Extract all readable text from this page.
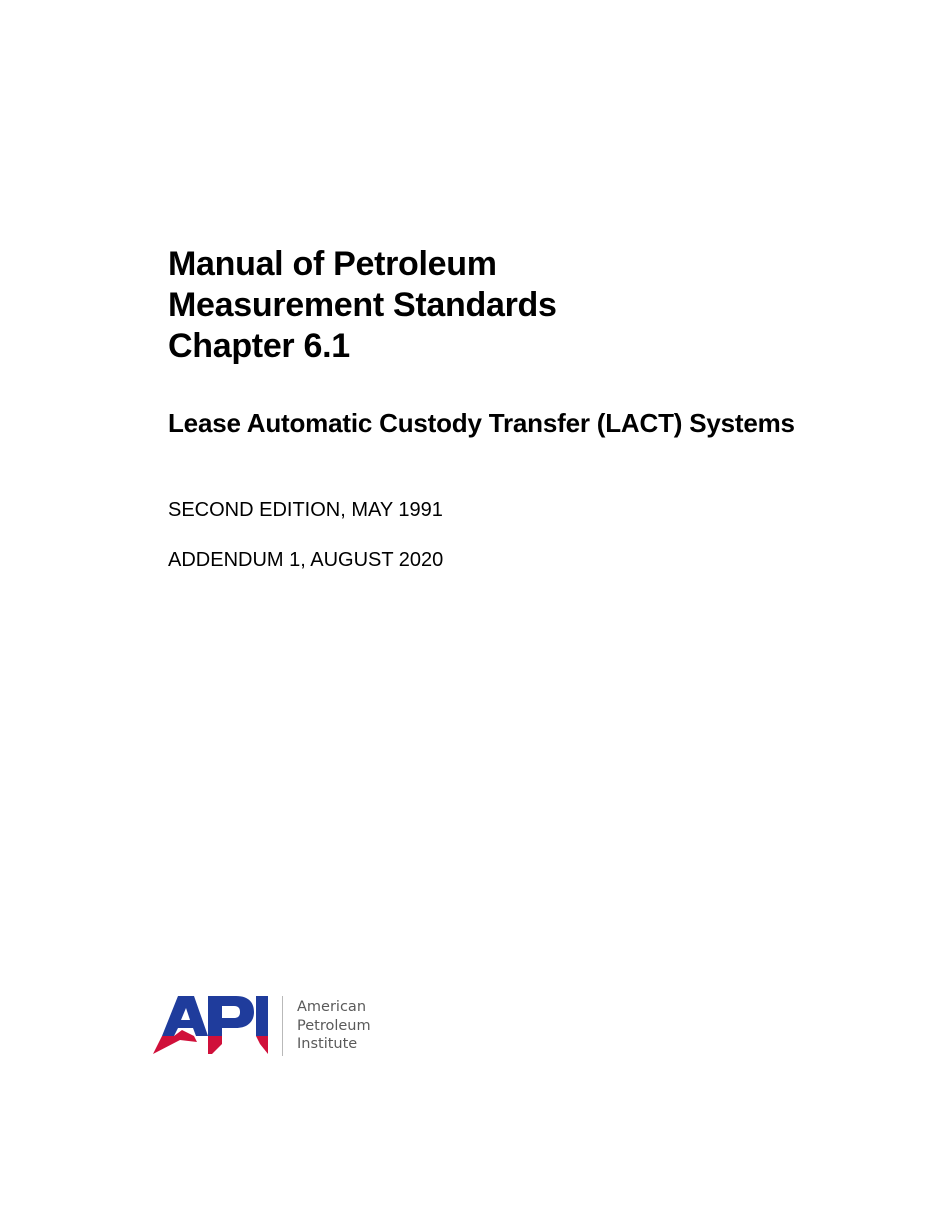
Manual of Petroleum
Measurement Standards
Chapter 6.1
Lease Automatic Custody Transfer (LACT) Systems
SECOND EDITION, MAY 1991
ADDENDUM 1, AUGUST 2020
American
Petroleum
Institute
